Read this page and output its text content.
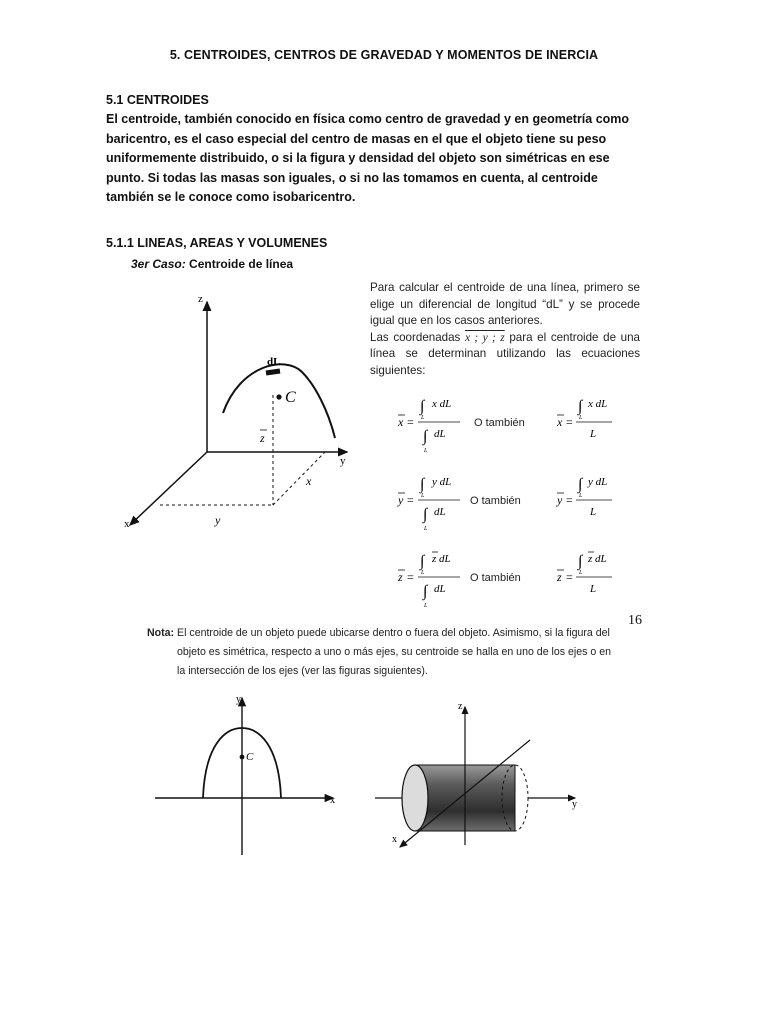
5. CENTROIDES, CENTROS DE GRAVEDAD Y MOMENTOS DE INERCIA
5.1 CENTROIDES
El centroide, también conocido en física como centro de gravedad y en geometría como baricentro, es el caso especial del centro de masas en el que el objeto tiene su peso uniformemente distribuido, o si la figura y densidad del objeto son simétricas en ese punto. Si todas las masas son iguales, o si no las tomamos en cuenta, al centroide también se le conoce como isobaricentro.
5.1.1 LINEAS, AREAS Y VOLUMENES
3er Caso: Centroide de línea
z
y
x
dL
C
z
x
y
Para calcular el centroide de una línea, primero se elige un diferencial de longitud “dL” y se procede igual que en los casos anteriores.
Las coordenadas x ; y ; z para el centroide de una línea se determinan utilizando las ecuaciones siguientes:
x =
∫
L
x dL
∫
L
dL
O también	x =
∫
L
x dL
L
y =
∫
L
y dL
∫
L
dL
O también	y =
∫
L
y dL
L
z =
∫
L
z dL
∫
L
dL
O también	z =
∫
L
z dL
L
16
Nota: El centroide de un objeto puede ubicarse dentro o fuera del objeto. Asimismo, si la figura del objeto es simétrica, respecto a uno o más ejes, su centroide se halla en uno de los ejes o en la intersección de los ejes (ver las figuras siguientes).
y
x
C
z
y
x
